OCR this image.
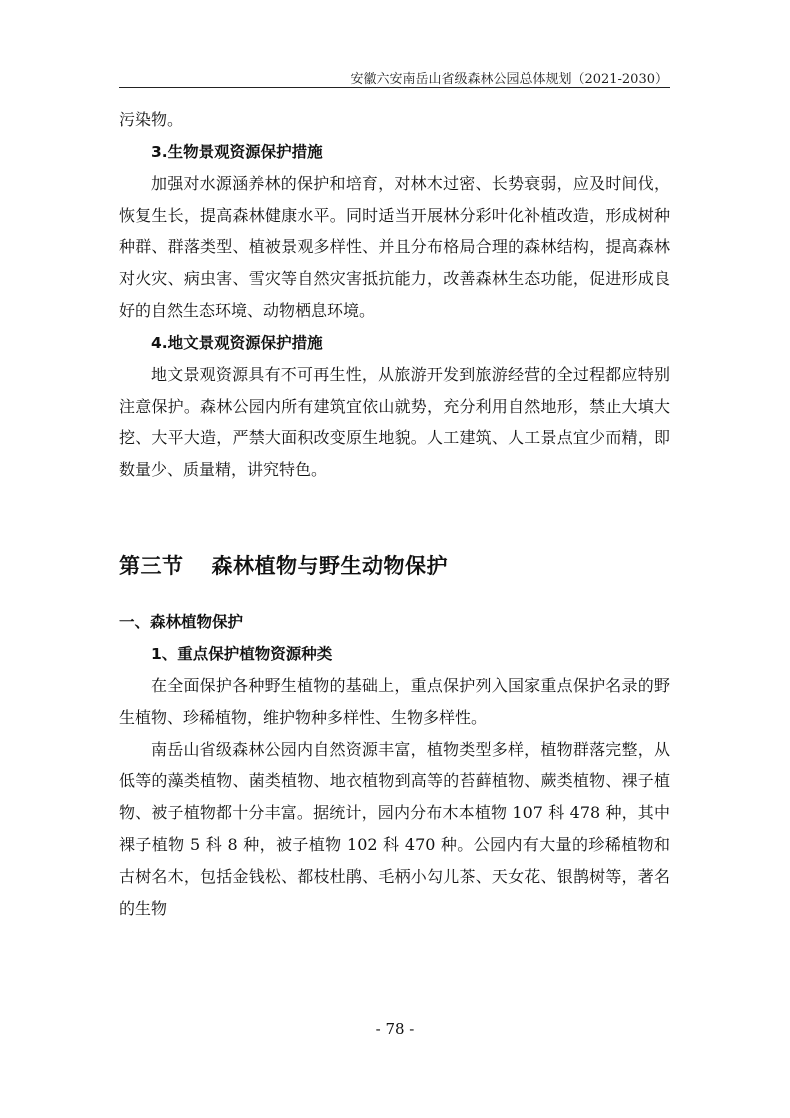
安徽六安南岳山省级森林公园总体规划（2021-2030）

污染物。

3.生物景观资源保护措施

加强对水源涵养林的保护和培育，对林木过密、长势衰弱，应及时间伐，恢复生长，提高森林健康水平。同时适当开展林分彩叶化补植改造，形成树种种群、群落类型、植被景观多样性、并且分布格局合理的森林结构，提高森林对火灾、病虫害、雪灾等自然灾害抵抗能力，改善森林生态功能，促进形成良好的自然生态环境、动物栖息环境。

4.地文景观资源保护措施

地文景观资源具有不可再生性，从旅游开发到旅游经营的全过程都应特别注意保护。森林公园内所有建筑宜依山就势，充分利用自然地形，禁止大填大挖、大平大造，严禁大面积改变原生地貌。人工建筑、人工景点宜少而精，即数量少、质量精，讲究特色。

第三节 森林植物与野生动物保护
一、森林植物保护
1、重点保护植物资源种类

在全面保护各种野生植物的基础上，重点保护列入国家重点保护名录的野生植物、珍稀植物，维护物种多样性、生物多样性。

南岳山省级森林公园内自然资源丰富，植物类型多样，植物群落完整，从低等的藻类植物、菌类植物、地衣植物到高等的苔藓植物、蕨类植物、裸子植物、被子植物都十分丰富。据统计，园内分布木本植物 107 科 478 种，其中裸子植物 5 科 8 种，被子植物 102 科 470 种。公园内有大量的珍稀植物和古树名木，包括金钱松、都枝杜鹃、毛柄小勾儿茶、天女花、银鹊树等，著名的生物

- 78 -
